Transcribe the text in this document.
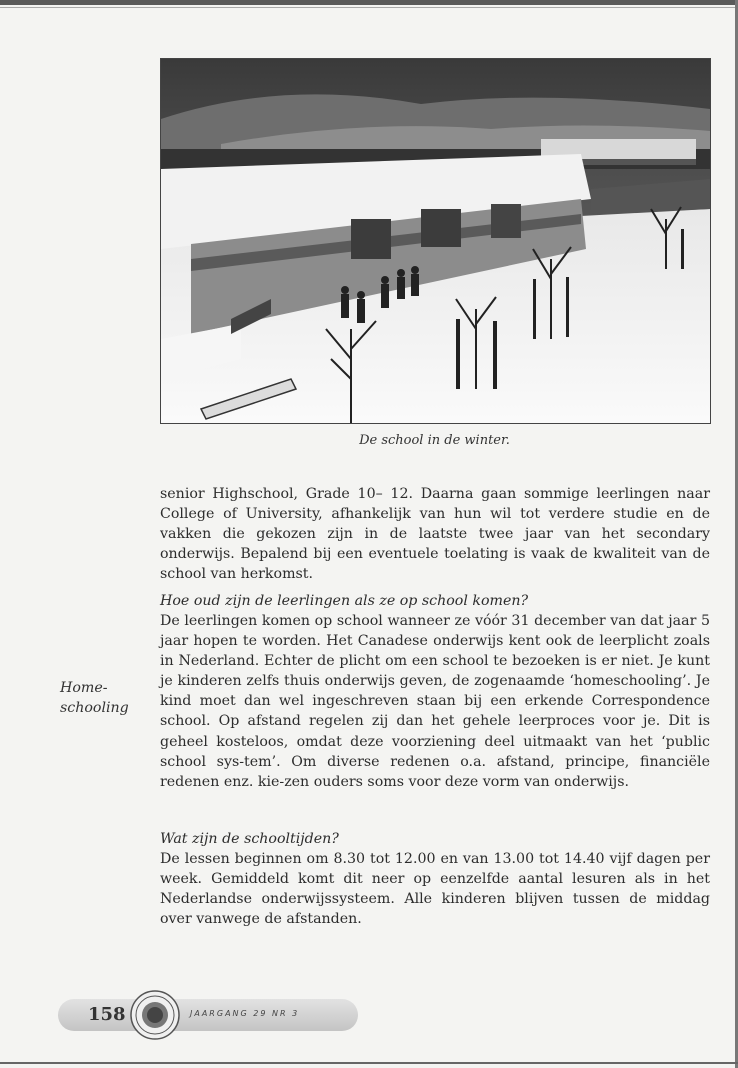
De school in de winter.

senior Highschool, Grade 10– 12. Daarna gaan sommige leerlingen naar College of University, afhankelijk van hun wil tot verdere studie en de vakken die gekozen zijn in de laatste twee jaar van het secondary onderwijs. Bepalend bij een eventuele toelating is vaak de kwaliteit van de school van herkomst.

Hoe oud zijn de leerlingen als ze op school komen?

De leerlingen komen op school wanneer ze vóór 31 december van dat jaar 5 jaar hopen te worden. Het Canadese onderwijs kent ook de leerplicht zoals in Nederland. Echter de plicht om een school te bezoeken is er niet. Je kunt je kinderen zelfs thuis onderwijs geven, de zogenaamde ‘homeschooling’. Je kind moet dan wel ingeschreven staan bij een erkende Correspondence school. Op afstand regelen zij dan het gehele leerproces voor je. Dit is geheel kosteloos, omdat deze voorziening deel uitmaakt van het ‘public school sys-tem’. Om diverse redenen o.a. afstand, principe, financiële redenen enz. kie-zen ouders soms voor deze vorm van onderwijs.

Home-
schooling

Wat zijn de schooltijden?

De lessen beginnen om 8.30 tot 12.00 en van 13.00 tot 14.40 vijf dagen per week. Gemiddeld komt dit neer op eenzelfde aantal lesuren als in het Nederlandse onderwijssysteem. Alle kinderen blijven tussen de middag over vanwege de afstanden.

158	JAARGANG 29 NR 3
